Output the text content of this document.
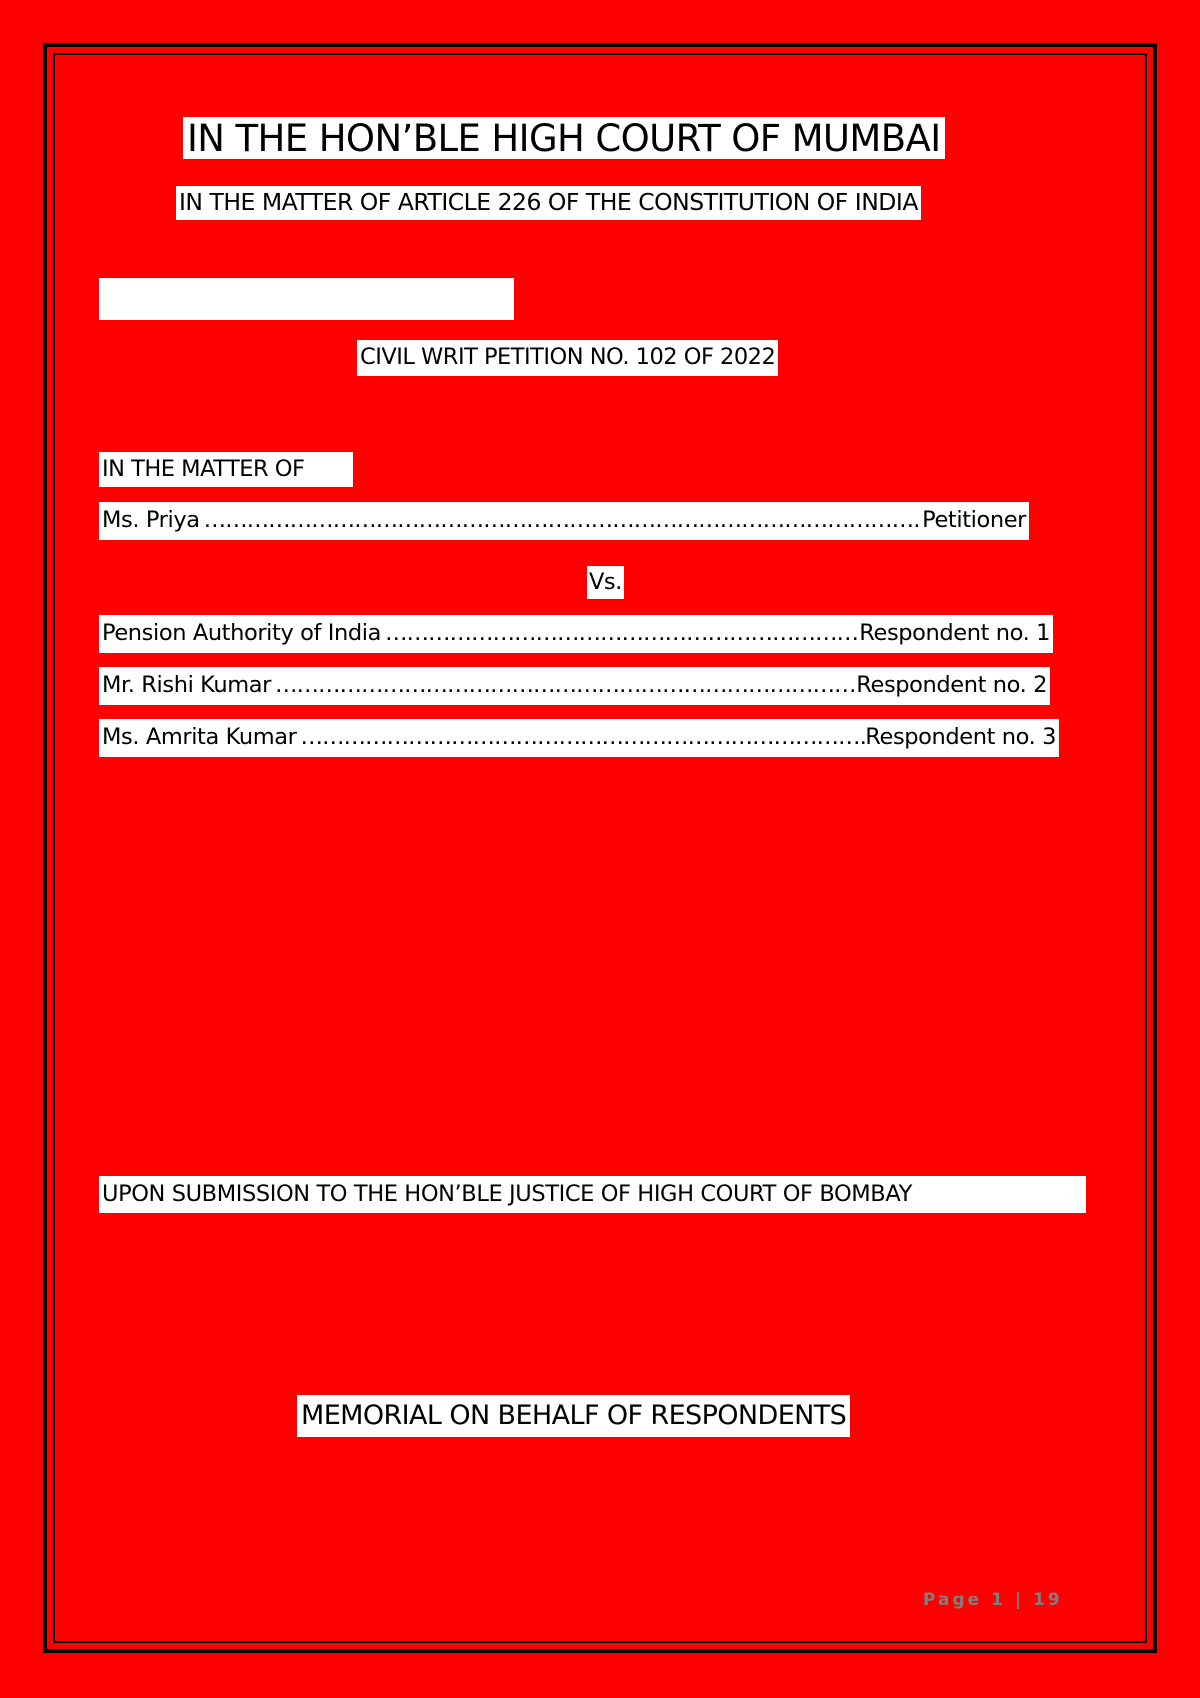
IN THE HON’BLE HIGH COURT OF MUMBAI
IN THE MATTER OF ARTICLE 226 OF THE CONSTITUTION OF INDIA
CIVIL WRIT PETITION NO. 102 OF 2022
IN THE MATTER OF
Ms. Priya ……………………………………………………………………………………………………………………	Petitioner
Vs.
Pension Authority of India ……………………………………………………………………………………………………………………	Respondent no. 1
Mr. Rishi Kumar ……………………………………………………………………………………………………………………	Respondent no. 2
Ms. Amrita Kumar ……………………………………………………………………………………………………………………	Respondent no. 3
UPON SUBMISSION TO THE HON’BLE JUSTICE OF HIGH COURT OF BOMBAY
MEMORIAL ON BEHALF OF RESPONDENTS
Page 1 | 19
